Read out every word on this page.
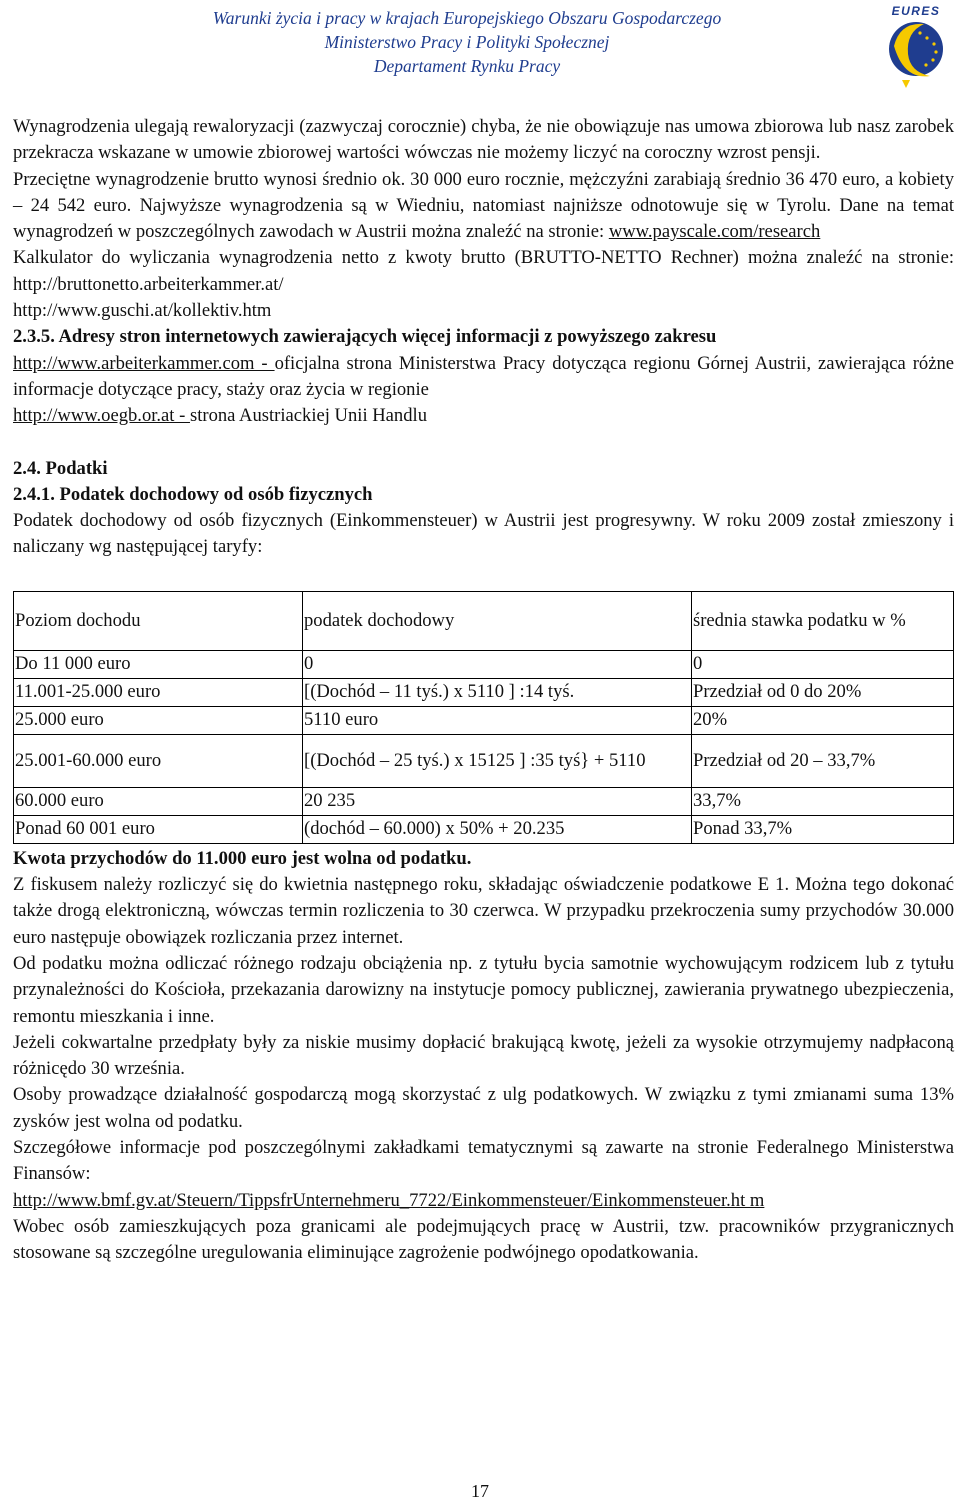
Warunki życia i pracy w krajach Europejskiego Obszaru Gospodarczego
Ministerstwo Pracy i Polityki Społecznej
Departament Rynku Pracy
EURES

Wynagrodzenia ulegają rewaloryzacji (zazwyczaj corocznie) chyba, że nie obowiązuje nas umowa zbiorowa lub nasz zarobek przekracza wskazane w umowie zbiorowej wartości wówczas nie możemy liczyć na coroczny wzrost pensji.

Przeciętne wynagrodzenie brutto wynosi średnio ok. 30 000 euro rocznie, mężczyźni zarabiają średnio 36 470 euro, a kobiety – 24 542 euro. Najwyższe wynagrodzenia są w Wiedniu, natomiast najniższe odnotowuje się w Tyrolu. Dane na temat wynagrodzeń w poszczególnych zawodach w Austrii można znaleźć na stronie: www.payscale.com/research

Kalkulator do wyliczania wynagrodzenia netto z kwoty brutto (BRUTTO-NETTO Rechner) można znaleźć na stronie: http://bruttonetto.arbeiterkammer.at/

http://www.guschi.at/kollektiv.htm

2.3.5. Adresy stron internetowych zawierających więcej informacji z powyższego zakresu

http://www.arbeiterkammer.com - oficjalna strona Ministerstwa Pracy dotycząca regionu Górnej Austrii, zawierająca różne informacje dotyczące pracy, staży oraz życia w regionie

http://www.oegb.or.at - strona Austriackiej Unii Handlu

2.4. Podatki

2.4.1. Podatek dochodowy od osób fizycznych

Podatek dochodowy od osób fizycznych (Einkommensteuer) w Austrii jest progresywny. W roku 2009 został zmieszony i naliczany wg następującej taryfy:

Poziom dochodu	podatek dochodowy	średnia stawka podatku w %
Do 11 000 euro	0	0
11.001-25.000 euro	[(Dochód – 11 tyś.) x 5110 ] :14 tyś.	Przedział od 0 do 20%
25.000 euro	5110 euro	20%
25.001-60.000 euro	[(Dochód – 25 tyś.) x 15125 ] :35 tyś} + 5110	Przedział od 20 – 33,7%
60.000 euro	20 235	33,7%
Ponad 60 001 euro	(dochód – 60.000) x 50% + 20.235	Ponad 33,7%

Kwota przychodów do 11.000 euro jest wolna od podatku.

Z fiskusem należy rozliczyć się do kwietnia następnego roku, składając oświadczenie podatkowe E 1. Można tego dokonać także drogą elektroniczną, wówczas termin rozliczenia to 30 czerwca. W przypadku przekroczenia sumy przychodów 30.000 euro następuje obowiązek rozliczania przez internet.

Od podatku można odliczać różnego rodzaju obciążenia np. z tytułu bycia samotnie wychowującym rodzicem lub z tytułu przynależności do Kościoła, przekazania darowizny na instytucje pomocy publicznej, zawierania prywatnego ubezpieczenia, remontu mieszkania i inne.

Jeżeli cokwartalne przedpłaty były za niskie musimy dopłacić brakującą kwotę, jeżeli za wysokie otrzymujemy nadpłaconą różnicędo 30 września.

Osoby prowadzące działalność gospodarczą mogą skorzystać z ulg podatkowych. W związku z tymi zmianami suma 13% zysków jest wolna od podatku.

Szczegółowe informacje pod poszczególnymi zakładkami tematycznymi są zawarte na stronie Federalnego Ministerstwa Finansów:

http://www.bmf.gv.at/Steuern/TippsfrUnternehmeru_7722/Einkommensteuer/Einkommensteuer.ht m

Wobec osób zamieszkujących poza granicami ale podejmujących pracę w Austrii, tzw. pracowników przygranicznych stosowane są szczególne uregulowania eliminujące zagrożenie podwójnego opodatkowania.

17
